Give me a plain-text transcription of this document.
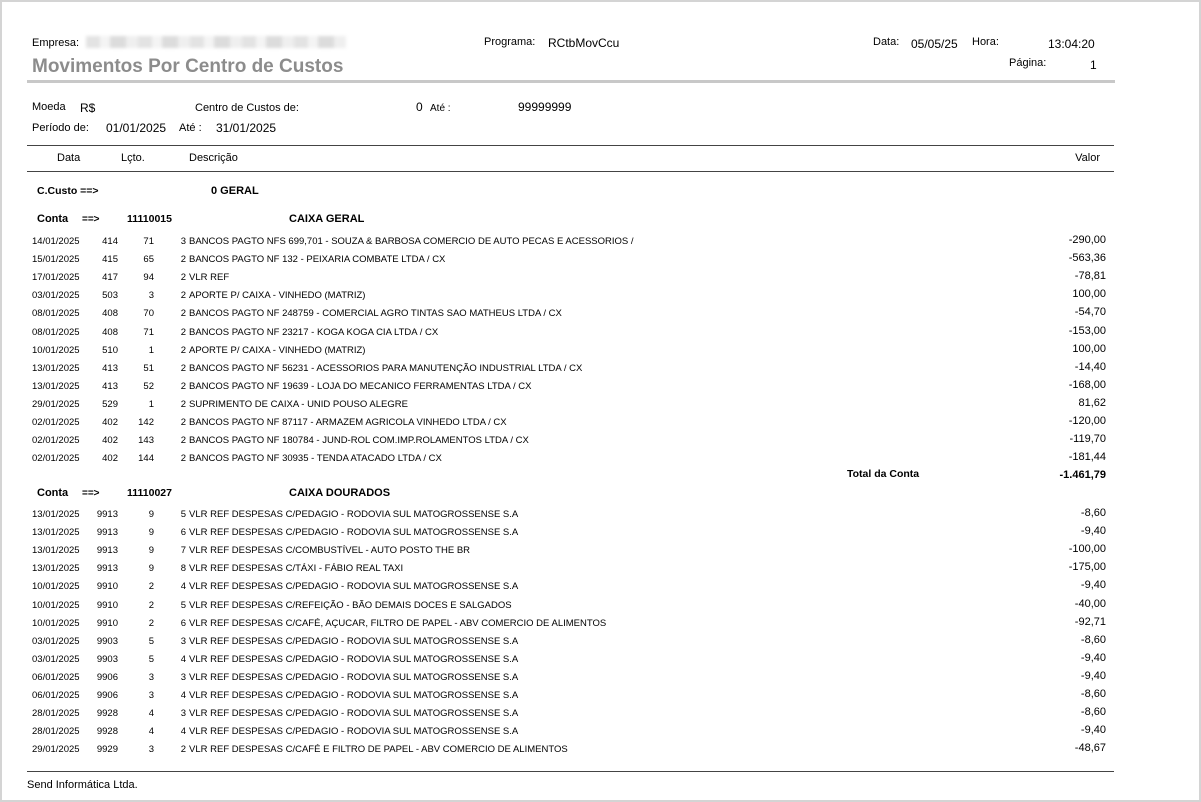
Empresa:	Programa: RCtbMovCcu	Data: 05/05/25 Hora:	13:04:20
Movimentos Por Centro de Custos	Página:	1
Moeda R$	Centro de Custos de:	0 Até :	99999999
Período de: 01/01/2025 Até : 31/01/2025
Data	Lçto.	Descrição	Valor
C.Custo ==>	0 GERAL
Conta ==>	11110015	CAIXA GERAL
14/01/2025	414	71	3 BANCOS PAGTO NFS 699,701 - SOUZA & BARBOSA COMERCIO DE AUTO PECAS E ACESSORIOS /	-290,00
15/01/2025	415	65	2 BANCOS PAGTO NF 132 - PEIXARIA COMBATE LTDA / CX	-563,36
17/01/2025	417	94	2 VLR REF	-78,81
03/01/2025	503	3	2 APORTE P/ CAIXA - VINHEDO (MATRIZ)	100,00
08/01/2025	408	70	2 BANCOS PAGTO NF 248759 - COMERCIAL AGRO TINTAS SAO MATHEUS LTDA / CX	-54,70
08/01/2025	408	71	2 BANCOS PAGTO NF 23217 - KOGA KOGA CIA LTDA / CX	-153,00
10/01/2025	510	1	2 APORTE P/ CAIXA - VINHEDO (MATRIZ)	100,00
13/01/2025	413	51	2 BANCOS PAGTO NF 56231 - ACESSORIOS PARA MANUTENÇÃO INDUSTRIAL LTDA / CX	-14,40
13/01/2025	413	52	2 BANCOS PAGTO NF 19639 - LOJA DO MECANICO FERRAMENTAS LTDA / CX	-168,00
29/01/2025	529	1	2 SUPRIMENTO DE CAIXA - UNID POUSO ALEGRE	81,62
02/01/2025	402	142	2 BANCOS PAGTO NF 87117 - ARMAZEM AGRICOLA VINHEDO LTDA / CX	-120,00
02/01/2025	402	143	2 BANCOS PAGTO NF 180784 - JUND-ROL COM.IMP.ROLAMENTOS LTDA / CX	-119,70
02/01/2025	402	144	2 BANCOS PAGTO NF 30935 - TENDA ATACADO LTDA / CX	-181,44
Total da Conta	-1.461,79
Conta ==>	11110027	CAIXA DOURADOS
13/01/2025	9913	9	5 VLR REF DESPESAS C/PEDAGIO - RODOVIA SUL MATOGROSSENSE S.A	-8,60
13/01/2025	9913	9	6 VLR REF DESPESAS C/PEDAGIO - RODOVIA SUL MATOGROSSENSE S.A	-9,40
13/01/2025	9913	9	7 VLR REF DESPESAS C/COMBUSTÍVEL - AUTO POSTO THE BR	-100,00
13/01/2025	9913	9	8 VLR REF DESPESAS C/TÁXI - FÁBIO REAL TAXI	-175,00
10/01/2025	9910	2	4 VLR REF DESPESAS C/PEDAGIO - RODOVIA SUL MATOGROSSENSE S.A	-9,40
10/01/2025	9910	2	5 VLR REF DESPESAS C/REFEIÇÃO - BÃO DEMAIS DOCES E SALGADOS	-40,00
10/01/2025	9910	2	6 VLR REF DESPESAS C/CAFÉ, AÇUCAR, FILTRO DE PAPEL - ABV COMERCIO DE ALIMENTOS	-92,71
03/01/2025	9903	5	3 VLR REF DESPESAS C/PEDAGIO - RODOVIA SUL MATOGROSSENSE S.A	-8,60
03/01/2025	9903	5	4 VLR REF DESPESAS C/PEDAGIO - RODOVIA SUL MATOGROSSENSE S.A	-9,40
06/01/2025	9906	3	3 VLR REF DESPESAS C/PEDAGIO - RODOVIA SUL MATOGROSSENSE S.A	-9,40
06/01/2025	9906	3	4 VLR REF DESPESAS C/PEDAGIO - RODOVIA SUL MATOGROSSENSE S.A	-8,60
28/01/2025	9928	4	3 VLR REF DESPESAS C/PEDAGIO - RODOVIA SUL MATOGROSSENSE S.A	-8,60
28/01/2025	9928	4	4 VLR REF DESPESAS C/PEDAGIO - RODOVIA SUL MATOGROSSENSE S.A	-9,40
29/01/2025	9929	3	2 VLR REF DESPESAS C/CAFÉ E FILTRO DE PAPEL - ABV COMERCIO DE ALIMENTOS	-48,67
Send Informática Ltda.
